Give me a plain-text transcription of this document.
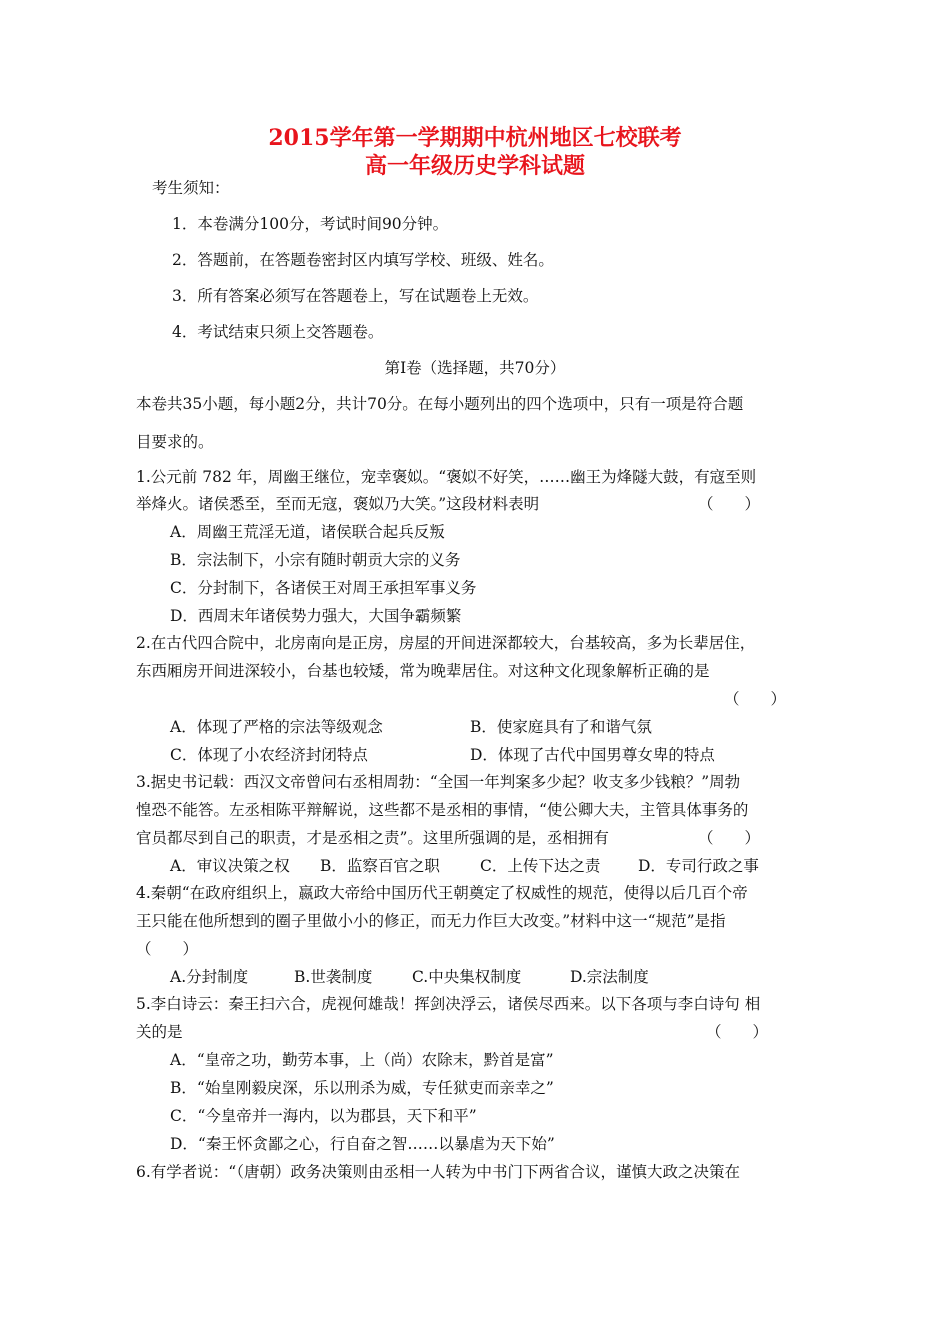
2015学年第一学期期中杭州地区七校联考
高一年级历史学科试题
考生须知：
1．本卷满分100分，考试时间90分钟。
2．答题前，在答题卷密封区内填写学校、班级、姓名。
3．所有答案必须写在答题卷上，写在试题卷上无效。
4．考试结束只须上交答题卷。
第Ⅰ卷（选择题，共70分）
本卷共35小题，每小题2分，共计70分。在每小题列出的四个选项中，只有一项是符合题
目要求的。
1.公元前 782 年，周幽王继位，宠幸褒姒。“褒姒不好笑，……幽王为烽隧大鼓，有寇至则
举烽火。诸侯悉至，至而无寇，褒姒乃大笑。”这段材料表明	（　　）
A．周幽王荒淫无道，诸侯联合起兵反叛
B．宗法制下，小宗有随时朝贡大宗的义务
C．分封制下，各诸侯王对周王承担军事义务
D．西周末年诸侯势力强大，大国争霸频繁
2.在古代四合院中，北房南向是正房，房屋的开间进深都较大，台基较高，多为长辈居住，
东西厢房开间进深较小，台基也较矮，常为晚辈居住。对这种文化现象解析正确的是
（　　）
A．体现了严格的宗法等级观念	B．使家庭具有了和谐气氛
C．体现了小农经济封闭特点	D．体现了古代中国男尊女卑的特点
3.据史书记载：西汉文帝曾问右丞相周勃：“全国一年判案多少起？收支多少钱粮？”周勃
惶恐不能答。左丞相陈平辩解说，这些都不是丞相的事情，“使公卿大夫，主管具体事务的
官员都尽到自己的职责，才是丞相之责”。这里所强调的是，丞相拥有	（　　）
A．审议决策之权 B．监察百官之职	C．上传下达之责 D．专司行政之事
4.秦朝“在政府组织上，嬴政大帝给中国历代王朝奠定了权威性的规范，使得以后几百个帝
王只能在他所想到的圈子里做小小的修正，而无力作巨大改变。”材料中这一“规范”是指
（　　）
A.分封制度	B.世袭制度	C.中央集权制度	D.宗法制度
5.李白诗云：秦王扫六合，虎视何雄哉！挥剑决浮云，诸侯尽西来。以下各项与李白诗句 相
关的是	（　　）
A．“皇帝之功，勤劳本事，上（尚）农除末，黔首是富”
B．“始皇刚毅戾深，乐以刑杀为威，专任狱吏而亲幸之”
C．“今皇帝并一海内，以为郡县，天下和平”
D．“秦王怀贪鄙之心，行自奋之智……以暴虐为天下始”
6.有学者说：“（唐朝）政务决策则由丞相一人转为中书门下两省合议，谨慎大政之决策在
